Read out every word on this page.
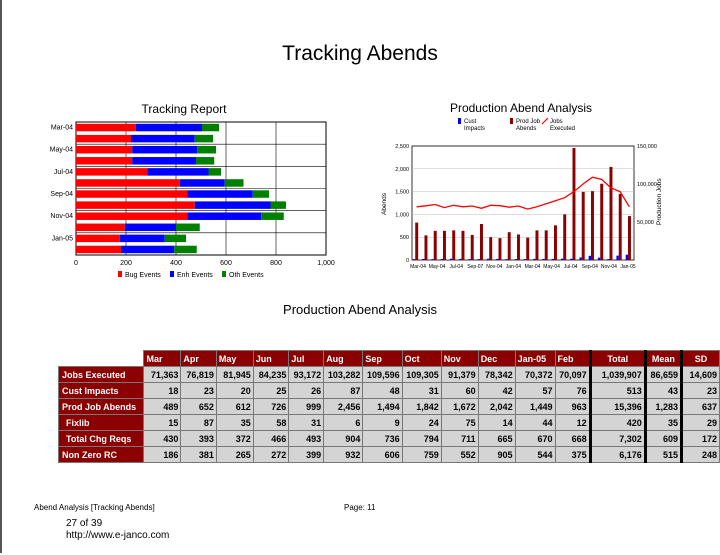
Tracking Abends
Tracking Report
Mar-04
May-04
Jul-04
Sep-04
Nov-04
Jan-05
0	200	400	600	800	1,000
Bug Events Enh Events Oth Events
Production Abend Analysis
Cust
Impacts
Prod Job
Abends
Jobs
Executed
0
500
1,000
1,500
2,000
2,500
50,000
100,000
150,000
Abends	Production Jobs
Mar-04 May-04 Jul-04 Sep-07 Nov-04 Jan-04 Mar-04 May-04 Jul-04 Sep-04 Nov-04 Jan-05
Production Abend Analysis
	Mar	Apr	May	Jun	Jul	Aug	Sep	Oct	Nov	Dec	Jan-05	Feb	Total	Mean	SD
Jobs Executed	71,363	76,819	81,945	84,235	93,172	103,282	109,596	109,305	91,379	78,342	70,372	70,097	1,039,907	86,659	14,609
Cust Impacts	18	23	20	25	26	87	48	31	60	42	57	76	513	43	23
Prod Job Abends	489	652	612	726	999	2,456	1,494	1,842	1,672	2,042	1,449	963	15,396	1,283	637
Fixlib	15	87	35	58	31	6	9	24	75	14	44	12	420	35	29
Total Chg Reqs	430	393	372	466	493	904	736	794	711	665	670	668	7,302	609	172
Non Zero RC	186	381	265	272	399	932	606	759	552	905	544	375	6,176	515	248
Abend Analysis [Tracking Abends]	Page: 11
27 of 39
http://www.e-janco.com
